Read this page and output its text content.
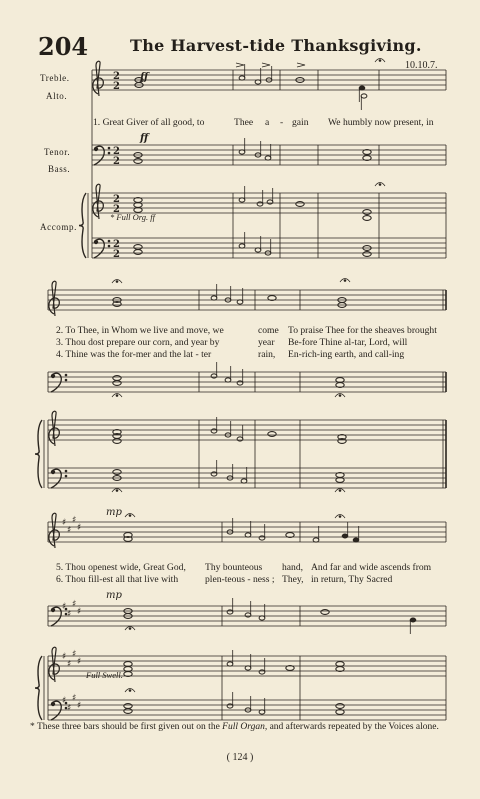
204	The Harvest-tide Thanksgiving.
10.10.7.
Treble.
Alto.
Tenor.
Bass.
Accomp.
2
2
2
2
2
2
2
2
♯
♯
♯
♯
♯
♯
♯
♯
♯
♯
♯
♯
♯
♯
♯
♯
ff
ff
* Full Org. ff
1. Great Giver of all good, to	Thee a - gain We humbly now present, in
2. To Thee, in Whom we live and move, we
3. Thou dost prepare our corn, and year by
4. Thine was the for-mer and the lat - ter
come
year
rain,
To praise Thee for the sheaves brought
Be-fore Thine al-tar, Lord, will
En-rich-ing earth, and call-ing
mp
mp
Full Swell.
5. Thou openest wide, Great God,
6. Thou fill-est all that live with
Thy bounteous
plen-teous - ness ;
hand,
They,
And far and wide ascends from
in return, Thy Sacred
* These three bars should be first given out on the Full Organ, and afterwards repeated by the Voices alone.
( 124 )
